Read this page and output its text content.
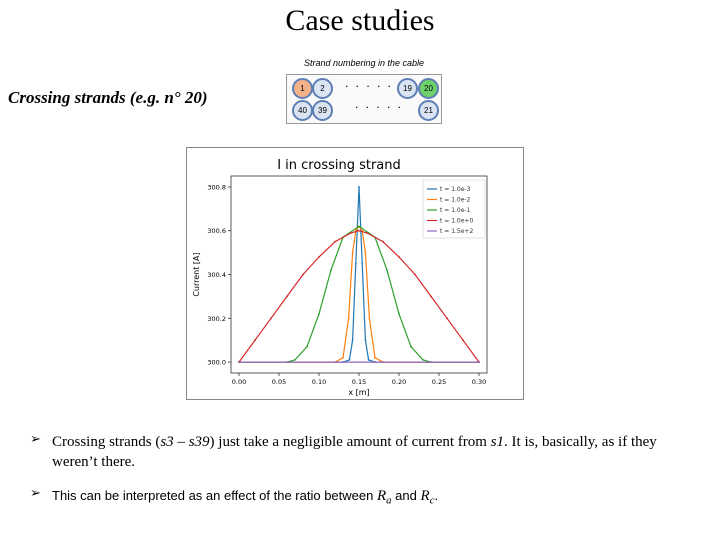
Case studies
Crossing strands (e.g. n° 20)
Strand numbering in the cable
1	2	. . . . .	19	20
40	39	. . . . .	21
I in crossing strand
0.00	0.05	0.10	0.15	0.20	0.25	0.30
300.0
300.2
300.4
300.6
300.8
x [m]
Current [A]
t = 1.0e-3
t = 1.0e-2
t = 1.0e-1
t = 1.0e+0
t = 1.5e+2
➢ Crossing strands (s3 – s39) just take a negligible amount of current from s1. It is, basically, as if they weren’t there.
➢ This can be interpreted as an effect of the ratio between $R_a$ and $R_c$.
